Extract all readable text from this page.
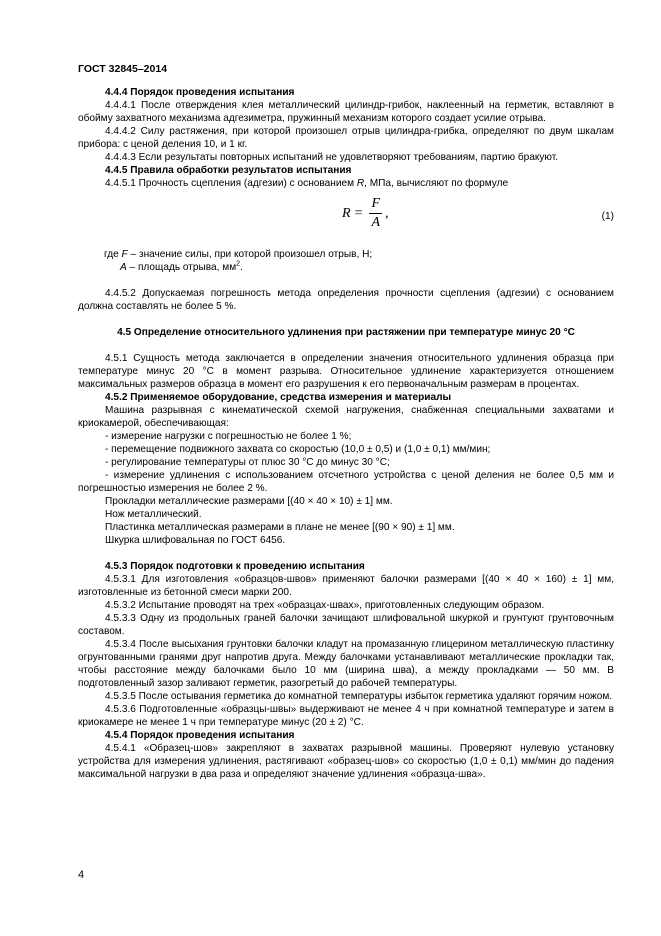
ГОСТ 32845–2014

4.4.4 Порядок проведения испытания

4.4.4.1 После отверждения клея металлический цилиндр-грибок, наклеенный на герметик, вставляют в обойму захватного механизма адгезиметра, пружинный механизм которого создает усилие отрыва.

4.4.4.2 Силу растяжения, при которой произошел отрыв цилиндра-грибка, определяют по двум шкалам прибора: с ценой деления 10, и 1 кг.

4.4.4.3 Если результаты повторных испытаний не удовлетворяют требованиям, партию бракуют.

4.4.5 Правила обработки результатов испытания

4.4.5.1 Прочность сцепления (адгезии) с основанием R, МПа, вычисляют по формуле

$R = \frac{F}{A}$ ,	(1)

где F – значение силы, при которой произошел отрыв, Н;

A – площадь отрыва, $мм^2$.

4.4.5.2 Допускаемая погрешность метода определения прочности сцепления (адгезии) с основанием должна составлять не более 5 %.

4.5 Определение относительного удлинения при растяжении при температуре минус 20 °С

4.5.1 Сущность метода заключается в определении значения относительного удлинения образца при температуре минус 20 °С в момент разрыва. Относительное удлинение характеризуется отношением максимальных размеров образца в момент его разрушения к его первоначальным размерам в процентах.

4.5.2 Применяемое оборудование, средства измерения и материалы

Машина разрывная с кинематической схемой нагружения, снабженная специальными захватами и криокамерой, обеспечивающая:

- измерение нагрузки с погрешностью не более 1 %;

- перемещение подвижного захвата со скоростью (10,0 ± 0,5) и (1,0 ± 0,1) мм/мин;

- регулирование температуры от плюс 30 °С до минус 30 °С;

- измерение удлинения с использованием отсчетного устройства с ценой деления не более 0,5 мм и погрешностью измерения не более 2 %.

Прокладки металлические размерами [(40 × 40 × 10) ± 1] мм.

Нож металлический.

Пластинка металлическая размерами в плане не менее [(90 × 90) ± 1] мм.

Шкурка шлифовальная по ГОСТ 6456.

4.5.3 Порядок подготовки к проведению испытания

4.5.3.1 Для изготовления «образцов-швов» применяют балочки размерами [(40 × 40 × 160) ± 1] мм, изготовленные из бетонной смеси марки 200.

4.5.3.2 Испытание проводят на трех «образцах-швах», приготовленных следующим образом.

4.5.3.3 Одну из продольных граней балочки зачищают шлифовальной шкуркой и грунтуют грунтовочным составом.

4.5.3.4 После высыхания грунтовки балочки кладут на промазанную глицерином металлическую пластинку огрунтованными гранями друг напротив друга. Между балочками устанавливают металлические прокладки так, чтобы расстояние между балочками было 10 мм (ширина шва), а между прокладками — 50 мм. В подготовленный зазор заливают герметик, разогретый до рабочей температуры.

4.5.3.5 После остывания герметика до комнатной температуры избыток герметика удаляют горячим ножом.

4.5.3.6 Подготовленные «образцы-швы» выдерживают не менее 4 ч при комнатной температуре и затем в криокамере не менее 1 ч при температуре минус (20 ± 2) °С.

4.5.4 Порядок проведения испытания

4.5.4.1 «Образец-шов» закрепляют в захватах разрывной машины. Проверяют нулевую установку устройства для измерения удлинения, растягивают «образец-шов» со скоростью (1,0 ± 0,1) мм/мин до падения максимальной нагрузки в два раза и определяют значение удлинения «образца-шва».

4
